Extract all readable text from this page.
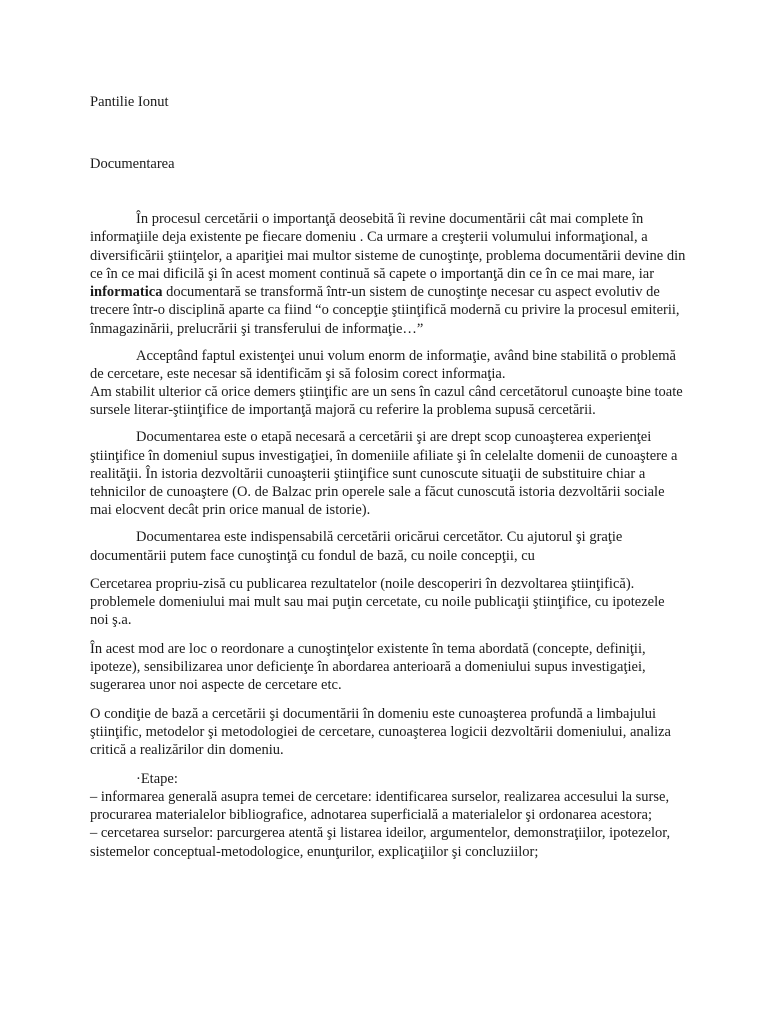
Pantilie Ionut
Documentarea

În procesul cercetării o importanţă deosebită îi revine documentării cât mai complete în informaţiile deja existente pe fiecare domeniu . Ca urmare a creşterii volumului informaţional, a diversificării ştiinţelor, a apariţiei mai multor sisteme de cunoştinţe, problema documentării devine din ce în ce mai dificilă şi în acest moment continuă să capete o importanţă din ce în ce mai mare, iar informatica documentară se transformă într-un sistem de cunoştinţe necesar cu aspect evolutiv de trecere într-o disciplină aparte ca fiind “o concepţie ştiinţifică modernă cu privire la procesul emiterii, înmagazinării, prelucrării şi transferului de informaţie…”

Acceptând faptul existenţei unui volum enorm de informaţie, având bine stabilită o problemă de cercetare, este necesar să identificăm şi să folosim corect informaţia.

Am stabilit ulterior că orice demers ştiinţific are un sens în cazul când cercetătorul cunoaşte bine toate sursele literar-ştiinţifice de importanţă majoră cu referire la problema supusă cercetării.

Documentarea este o etapă necesară a cercetării şi are drept scop cunoaşterea experienţei ştiinţifice în domeniul supus investigaţiei, în domeniile afiliate şi în celelalte domenii de cunoaştere a realităţii. În istoria dezvoltării cunoaşterii ştiinţifice sunt cunoscute situaţii de substituire chiar a tehnicilor de cunoaştere (O. de Balzac prin operele sale a făcut cunoscută istoria dezvoltării sociale mai elocvent decât prin orice manual de istorie).

Documentarea este indispensabilă cercetării oricărui cercetător. Cu ajutorul şi graţie documentării putem face cunoştinţă cu fondul de bază, cu noile concepţii, cu

Cercetarea propriu-zisă cu publicarea rezultatelor (noile descoperiri în dezvoltarea ştiinţifică). problemele domeniului mai mult sau mai puţin cercetate, cu noile publicaţii ştiinţifice, cu ipotezele noi ş.a.

În acest mod are loc o reordonare a cunoştinţelor existente în tema abordată (concepte, definiţii, ipoteze), sensibilizarea unor deficienţe în abordarea anterioară a domeniului supus investigaţiei, sugerarea unor noi aspecte de cercetare etc.

O condiţie de bază a cercetării şi documentării în domeniu este cunoaşterea profundă a limbajului ştiinţific, metodelor şi metodologiei de cercetare, cunoaşterea logicii dezvoltării domeniului, analiza critică a realizărilor din domeniu.

·Etape:
– informarea generală asupra temei de cercetare: identificarea surselor, realizarea accesului la surse, procurarea materialelor bibliografice, adnotarea superficială a materialelor şi ordonarea acestora;
– cercetarea surselor: parcurgerea atentă şi listarea ideilor, argumentelor, demonstraţiilor, ipotezelor, sistemelor conceptual-metodologice, enunţurilor, explicaţiilor şi concluziilor;
